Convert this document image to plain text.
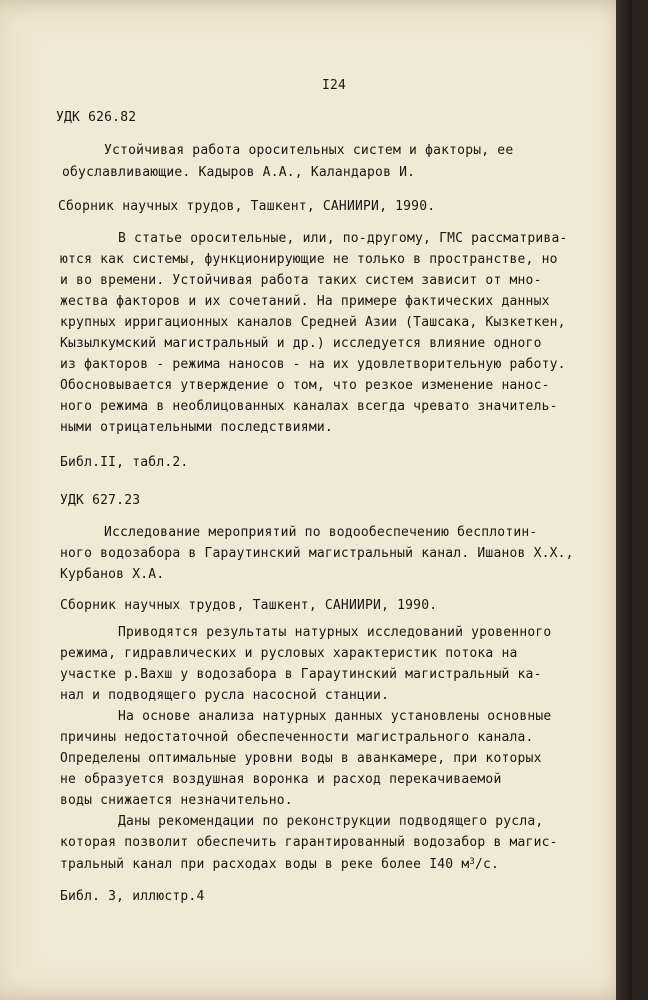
I24
УДК 626.82
Устойчивая работа оросительных систем и факторы, ее
обуславливающие. Кадыров А.А., Каландаров И.
Сборник научных трудов, Ташкент, САНИИРИ, 1990.
В статье оросительные, или, по-другому, ГМС рассматрива-
ются как системы, функционирующие не только в пространстве, но
и во времени. Устойчивая работа таких систем зависит от мно-
жества факторов и их сочетаний. На примере фактических данных
крупных ирригационных каналов Средней Азии (Ташсака, Кызкеткен,
Кызылкумский магистральный и др.) исследуется влияние одного
из факторов - режима наносов - на их удовлетворительную работу.
Обосновывается утверждение о том, что резкое изменение нанос-
ного режима в необлицованных каналах всегда чревато значитель-
ными отрицательными последствиями.
Библ.II, табл.2.
УДК 627.23
Исследование мероприятий по водообеспечению бесплотин-
ного водозабора в Гараутинский магистральный канал. Ишанов Х.Х.,
Курбанов Х.А.
Сборник научных трудов, Ташкент, САНИИРИ, 1990.
Приводятся результаты натурных исследований уровенного
режима, гидравлических и русловых характеристик потока на
участке р.Вахш у водозабора в Гараутинский магистральный ка-
нал и подводящего русла насосной станции.
На основе анализа натурных данных установлены основные
причины недостаточной обеспеченности магистрального канала.
Определены оптимальные уровни воды в аванкамере, при которых
не образуется воздушная воронка и расход перекачиваемой
воды снижается незначительно.
Даны рекомендации по реконструкции подводящего русла,
которая позволит обеспечить гарантированный водозабор в магис-
тральный канал при расходах воды в реке более I40 $м^3/с$.
Библ. 3, иллюстр.4
